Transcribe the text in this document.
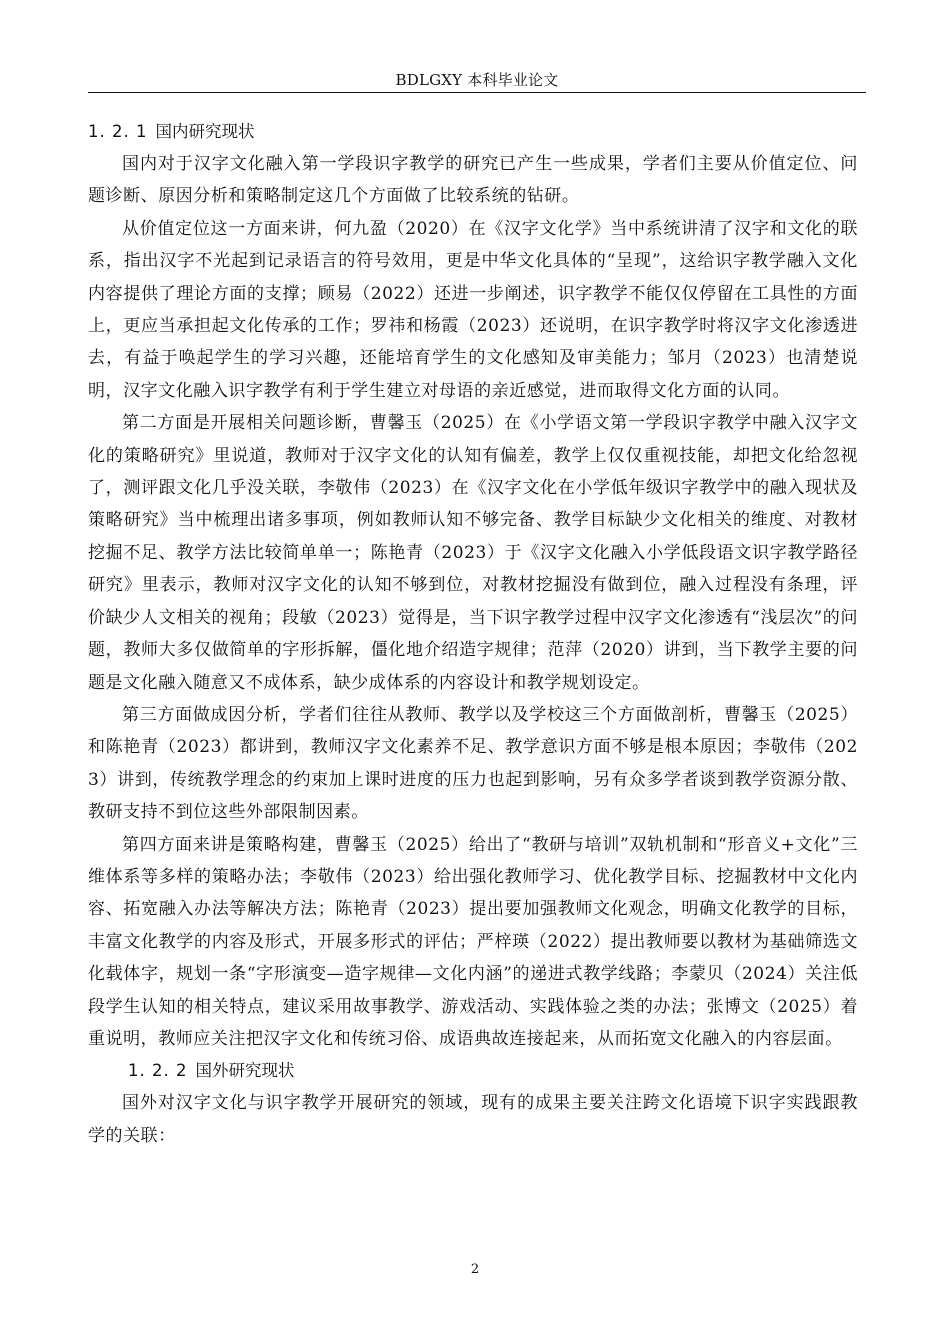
BDLGXY 本科毕业论文
1. 2. 1 国内研究现状

国内对于汉字文化融入第一学段识字教学的研究已产生一些成果，学者们主要从价值定位、问题诊断、原因分析和策略制定这几个方面做了比较系统的钻研。

从价值定位这一方面来讲，何九盈（2020）在《汉字文化学》当中系统讲清了汉字和文化的联系，指出汉字不光起到记录语言的符号效用，更是中华文化具体的“呈现”，这给识字教学融入文化内容提供了理论方面的支撑；顾易（2022）还进一步阐述，识字教学不能仅仅停留在工具性的方面上，更应当承担起文化传承的工作；罗祎和杨霞（2023）还说明，在识字教学时将汉字文化渗透进去，有益于唤起学生的学习兴趣，还能培育学生的文化感知及审美能力；邹月（2023）也清楚说明，汉字文化融入识字教学有利于学生建立对母语的亲近感觉，进而取得文化方面的认同。

第二方面是开展相关问题诊断，曹馨玉（2025）在《小学语文第一学段识字教学中融入汉字文化的策略研究》里说道，教师对于汉字文化的认知有偏差，教学上仅仅重视技能，却把文化给忽视了，测评跟文化几乎没关联，李敬伟（2023）在《汉字文化在小学低年级识字教学中的融入现状及策略研究》当中梳理出诸多事项，例如教师认知不够完备、教学目标缺少文化相关的维度、对教材挖掘不足、教学方法比较简单单一；陈艳青（2023）于《汉字文化融入小学低段语文识字教学路径研究》里表示，教师对汉字文化的认知不够到位，对教材挖掘没有做到位，融入过程没有条理，评价缺少人文相关的视角；段敏（2023）觉得是，当下识字教学过程中汉字文化渗透有“浅层次”的问题，教师大多仅做简单的字形拆解，僵化地介绍造字规律；范萍（2020）讲到，当下教学主要的问题是文化融入随意又不成体系，缺少成体系的内容设计和教学规划设定。

第三方面做成因分析，学者们往往从教师、教学以及学校这三个方面做剖析，曹馨玉（2025）和陈艳青（2023）都讲到，教师汉字文化素养不足、教学意识方面不够是根本原因；李敬伟（2023）讲到，传统教学理念的约束加上课时进度的压力也起到影响，另有众多学者谈到教学资源分散、教研支持不到位这些外部限制因素。

第四方面来讲是策略构建，曹馨玉（2025）给出了“教研与培训”双轨机制和“形音义+文化”三维体系等多样的策略办法；李敬伟（2023）给出强化教师学习、优化教学目标、挖掘教材中文化内容、拓宽融入办法等解决方法；陈艳青（2023）提出要加强教师文化观念，明确文化教学的目标，丰富文化教学的内容及形式，开展多形式的评估；严梓瑛（2022）提出教师要以教材为基础筛选文化载体字，规划一条“字形演变—造字规律—文化内涵”的递进式教学线路；李蒙贝（2024）关注低段学生认知的相关特点，建议采用故事教学、游戏活动、实践体验之类的办法；张博文（2025）着重说明，教师应关注把汉字文化和传统习俗、成语典故连接起来，从而拓宽文化融入的内容层面。

1. 2. 2 国外研究现状

国外对汉字文化与识字教学开展研究的领域，现有的成果主要关注跨文化语境下识字实践跟教学的关联：

2
